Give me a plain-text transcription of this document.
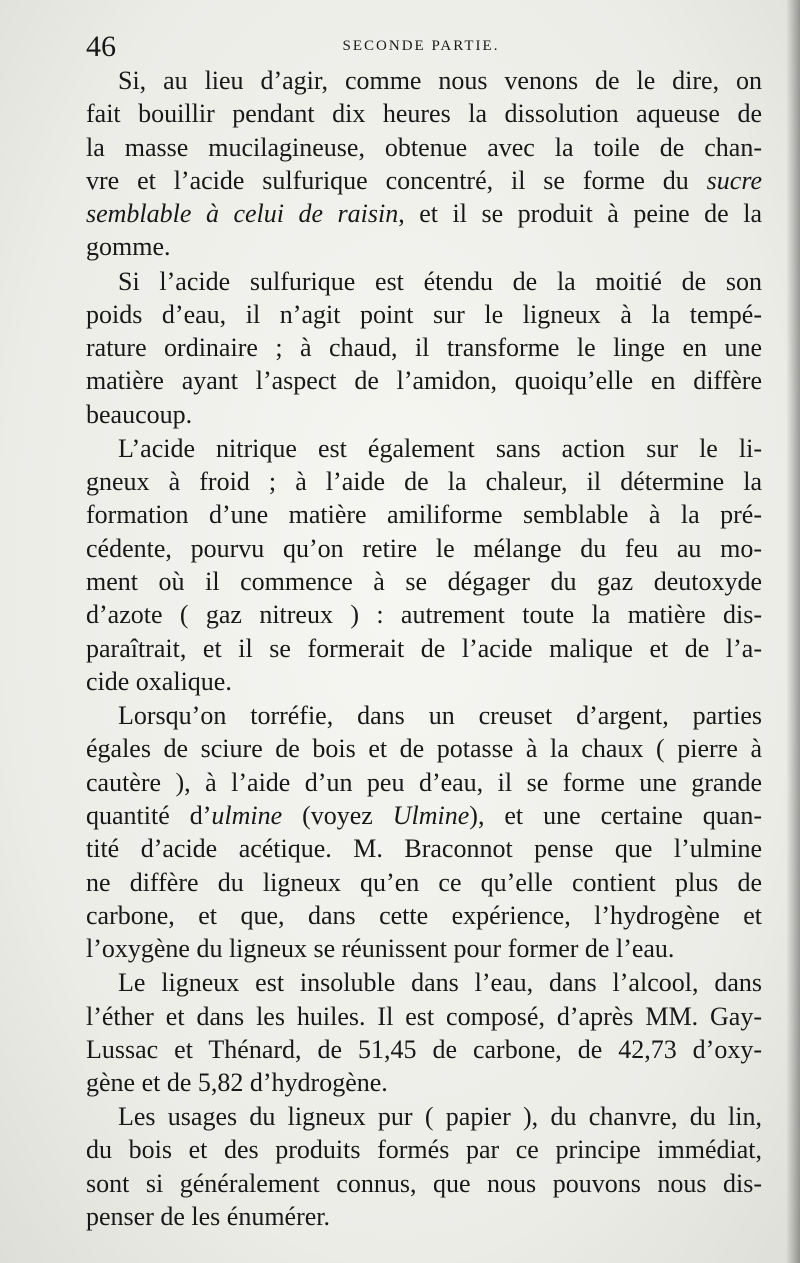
46	SECONDE PARTIE.
Si, au lieu d’agir, comme nous venons de le dire, on
fait bouillir pendant dix heures la dissolution aqueuse de
la masse mucilagineuse, obtenue avec la toile de chan-
vre et l’acide sulfurique concentré, il se forme du sucre
semblable à celui de raisin, et il se produit à peine de la
gomme.
Si l’acide sulfurique est étendu de la moitié de son
poids d’eau, il n’agit point sur le ligneux à la tempé-
rature ordinaire ; à chaud, il transforme le linge en une
matière ayant l’aspect de l’amidon, quoiqu’elle en diffère
beaucoup.
L’acide nitrique est également sans action sur le li-
gneux à froid ; à l’aide de la chaleur, il détermine la
formation d’une matière amiliforme semblable à la pré-
cédente, pourvu qu’on retire le mélange du feu au mo-
ment où il commence à se dégager du gaz deutoxyde
d’azote ( gaz nitreux ) : autrement toute la matière dis-
paraîtrait, et il se formerait de l’acide malique et de l’a-
cide oxalique.
Lorsqu’on torréfie, dans un creuset d’argent, parties
égales de sciure de bois et de potasse à la chaux ( pierre à
cautère ), à l’aide d’un peu d’eau, il se forme une grande
quantité d’ulmine (voyez Ulmine), et une certaine quan-
tité d’acide acétique. M. Braconnot pense que l’ulmine
ne diffère du ligneux qu’en ce qu’elle contient plus de
carbone, et que, dans cette expérience, l’hydrogène et
l’oxygène du ligneux se réunissent pour former de l’eau.
Le ligneux est insoluble dans l’eau, dans l’alcool, dans
l’éther et dans les huiles. Il est composé, d’après MM. Gay-
Lussac et Thénard, de 51,45 de carbone, de 42,73 d’oxy-
gène et de 5,82 d’hydrogène.
Les usages du ligneux pur ( papier ), du chanvre, du lin,
du bois et des produits formés par ce principe immédiat,
sont si généralement connus, que nous pouvons nous dis-
penser de les énumérer.
